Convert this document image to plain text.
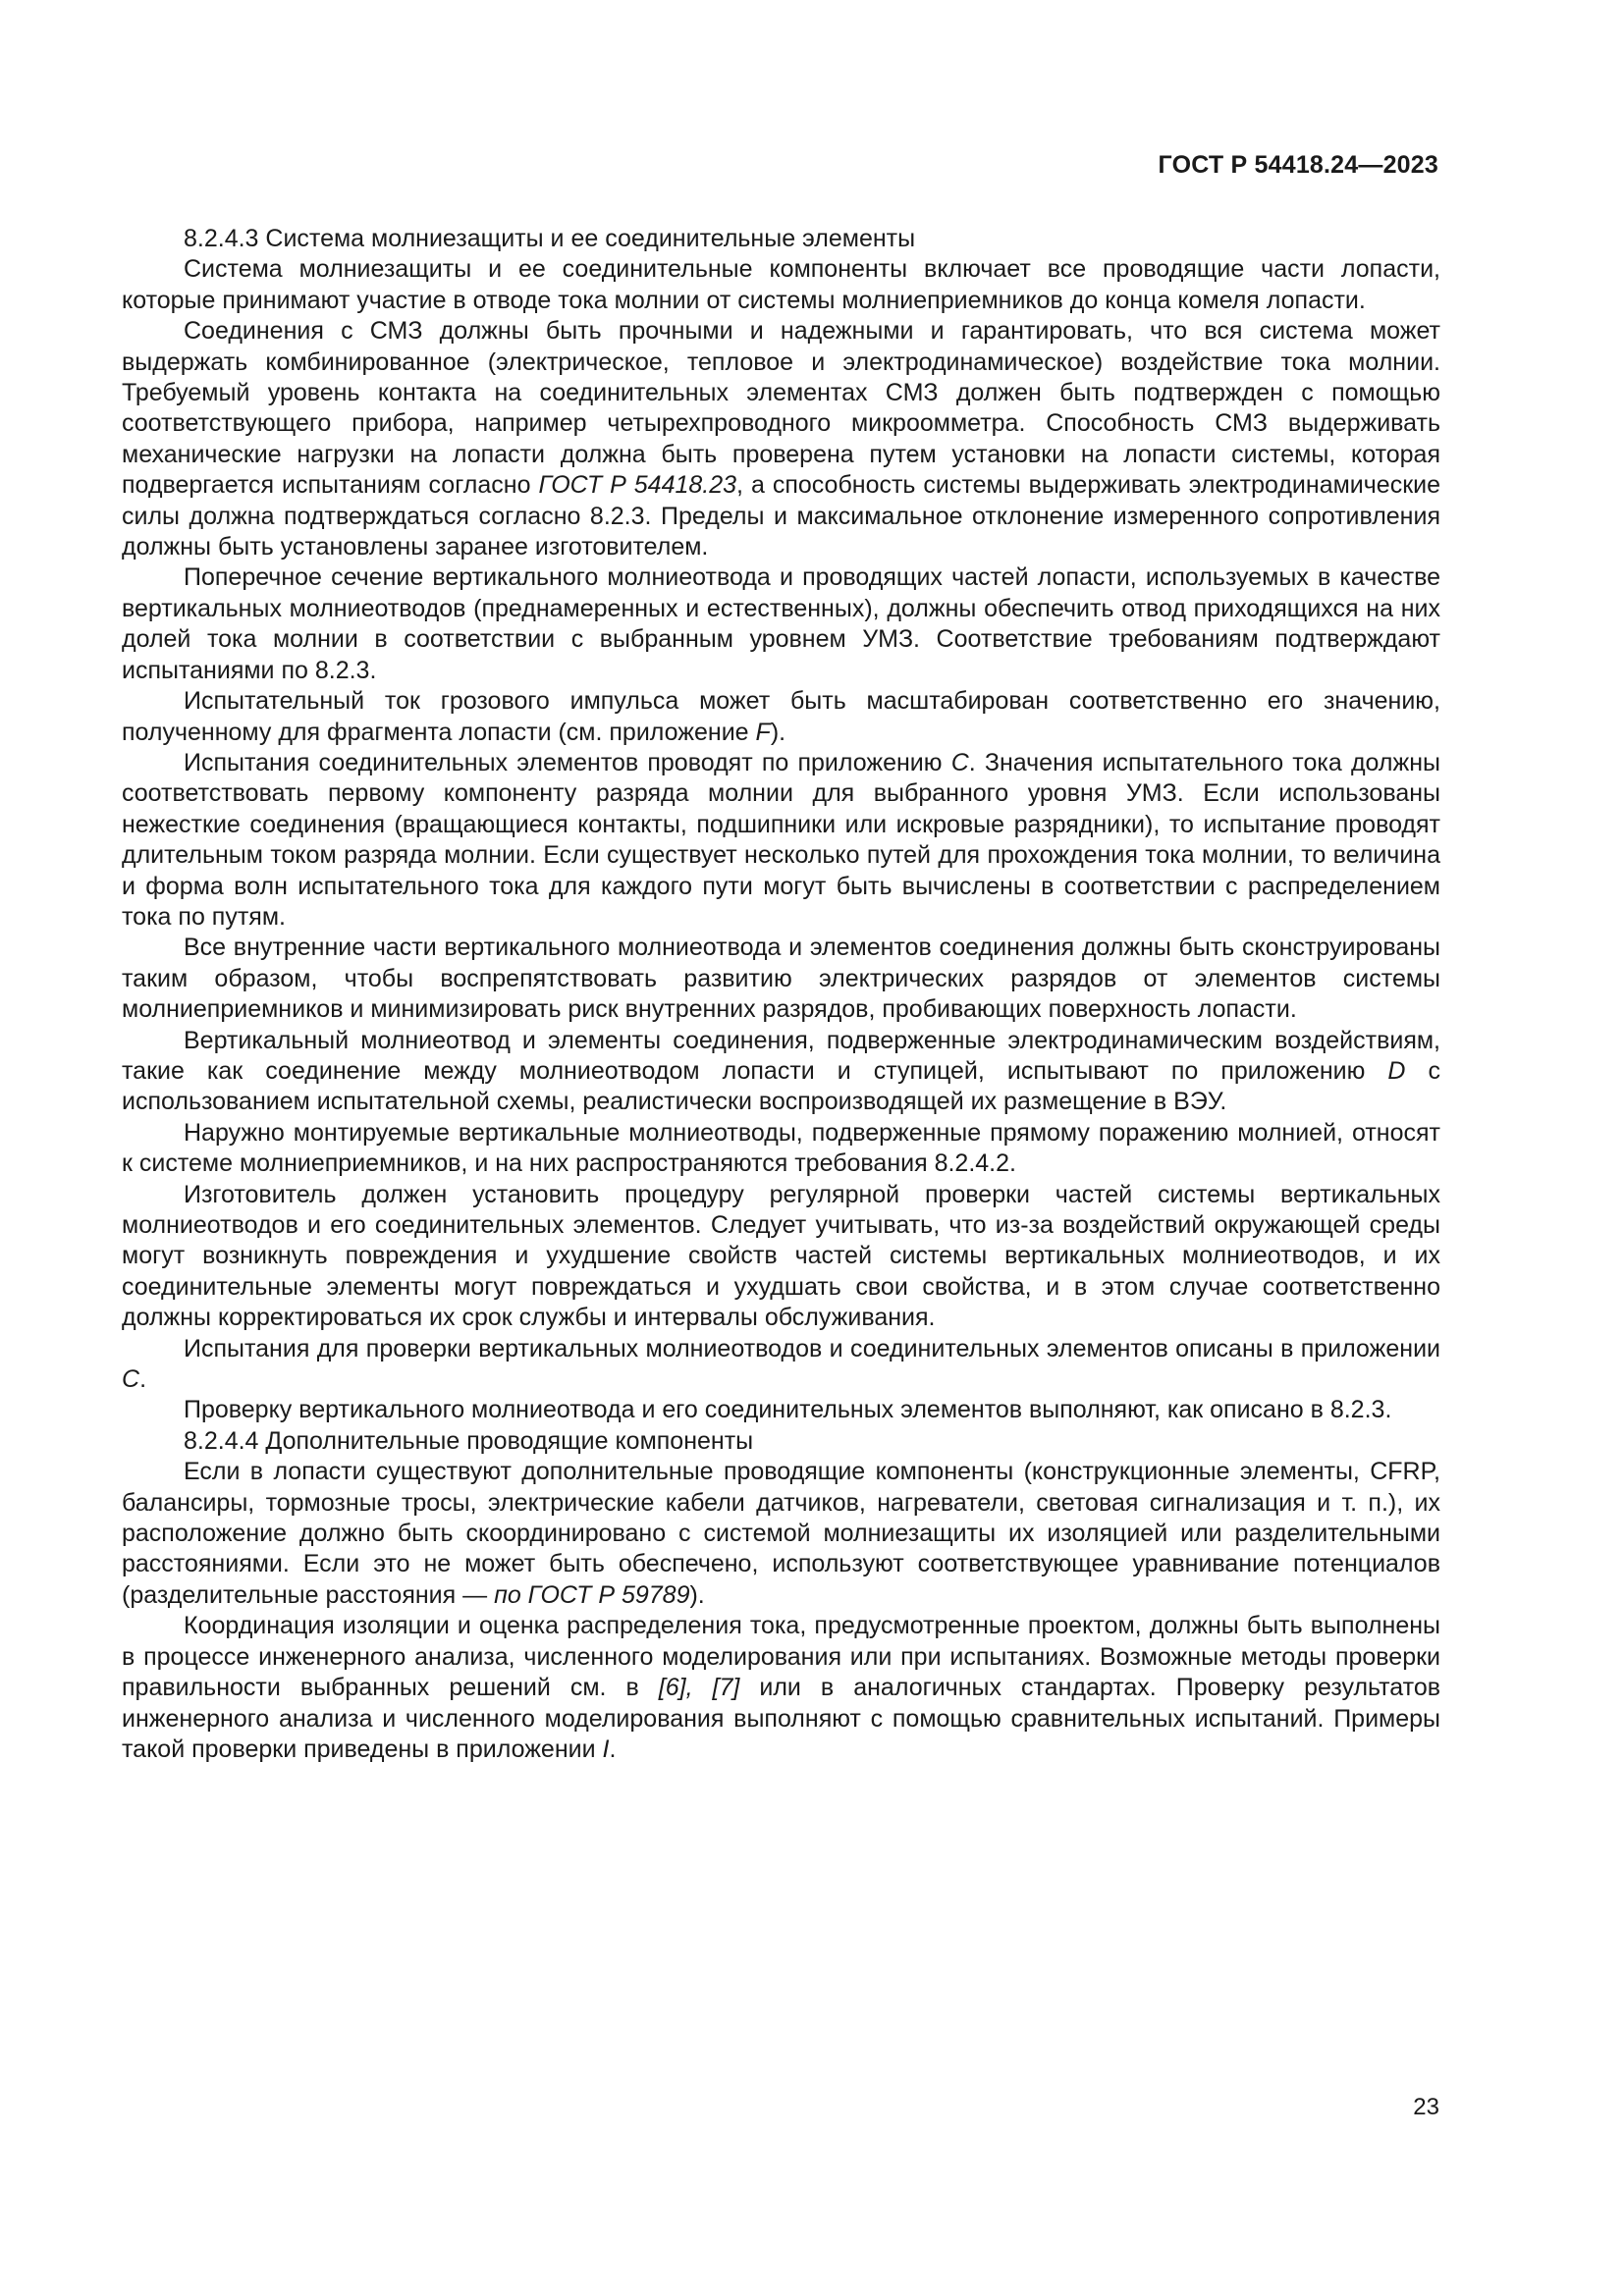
ГОСТ Р 54418.24—2023

8.2.4.3 Система молниезащиты и ее соединительные элементы

Система молниезащиты и ее соединительные компоненты включает все проводящие части лопасти, которые принимают участие в отводе тока молнии от системы молниеприемников до конца комеля лопасти.

Соединения с СМЗ должны быть прочными и надежными и гарантировать, что вся система может выдержать комбинированное (электрическое, тепловое и электродинамическое) воздействие тока молнии. Требуемый уровень контакта на соединительных элементах СМЗ должен быть подтвержден с помощью соответствующего прибора, например четырехпроводного микроомметра. Способность СМЗ выдерживать механические нагрузки на лопасти должна быть проверена путем установки на лопасти системы, которая подвергается испытаниям согласно ГОСТ Р 54418.23, а способность системы выдерживать электродинамические силы должна подтверждаться согласно 8.2.3. Пределы и максимальное отклонение измеренного сопротивления должны быть установлены заранее изготовителем.

Поперечное сечение вертикального молниеотвода и проводящих частей лопасти, используемых в качестве вертикальных молниеотводов (преднамеренных и естественных), должны обеспечить отвод приходящихся на них долей тока молнии в соответствии с выбранным уровнем УМЗ. Соответствие требованиям подтверждают испытаниями по 8.2.3.

Испытательный ток грозового импульса может быть масштабирован соответственно его значению, полученному для фрагмента лопасти (см. приложение F).

Испытания соединительных элементов проводят по приложению С. Значения испытательного тока должны соответствовать первому компоненту разряда молнии для выбранного уровня УМЗ. Если использованы нежесткие соединения (вращающиеся контакты, подшипники или искровые разрядники), то испытание проводят длительным током разряда молнии. Если существует несколько путей для прохождения тока молнии, то величина и форма волн испытательного тока для каждого пути могут быть вычислены в соответствии с распределением тока по путям.

Все внутренние части вертикального молниеотвода и элементов соединения должны быть сконструированы таким образом, чтобы воспрепятствовать развитию электрических разрядов от элементов системы молниеприемников и минимизировать риск внутренних разрядов, пробивающих поверхность лопасти.

Вертикальный молниеотвод и элементы соединения, подверженные электродинамическим воздействиям, такие как соединение между молниеотводом лопасти и ступицей, испытывают по приложению D с использованием испытательной схемы, реалистически воспроизводящей их размещение в ВЭУ.

Наружно монтируемые вертикальные молниеотводы, подверженные прямому поражению молнией, относят к системе молниеприемников, и на них распространяются требования 8.2.4.2.

Изготовитель должен установить процедуру регулярной проверки частей системы вертикальных молниеотводов и его соединительных элементов. Следует учитывать, что из-за воздействий окружающей среды могут возникнуть повреждения и ухудшение свойств частей системы вертикальных молниеотводов, и их соединительные элементы могут повреждаться и ухудшать свои свойства, и в этом случае соответственно должны корректироваться их срок службы и интервалы обслуживания.

Испытания для проверки вертикальных молниеотводов и соединительных элементов описаны в приложении С.

Проверку вертикального молниеотвода и его соединительных элементов выполняют, как описано в 8.2.3.

8.2.4.4 Дополнительные проводящие компоненты

Если в лопасти существуют дополнительные проводящие компоненты (конструкционные элементы, CFRP, балансиры, тормозные тросы, электрические кабели датчиков, нагреватели, световая сигнализация и т. п.), их расположение должно быть скоординировано с системой молниезащиты их изоляцией или разделительными расстояниями. Если это не может быть обеспечено, используют соответствующее уравнивание потенциалов (разделительные расстояния — по ГОСТ Р 59789).

Координация изоляции и оценка распределения тока, предусмотренные проектом, должны быть выполнены в процессе инженерного анализа, численного моделирования или при испытаниях. Возможные методы проверки правильности выбранных решений см. в [6], [7] или в аналогичных стандартах. Проверку результатов инженерного анализа и численного моделирования выполняют с помощью сравнительных испытаний. Примеры такой проверки приведены в приложении I.

23
